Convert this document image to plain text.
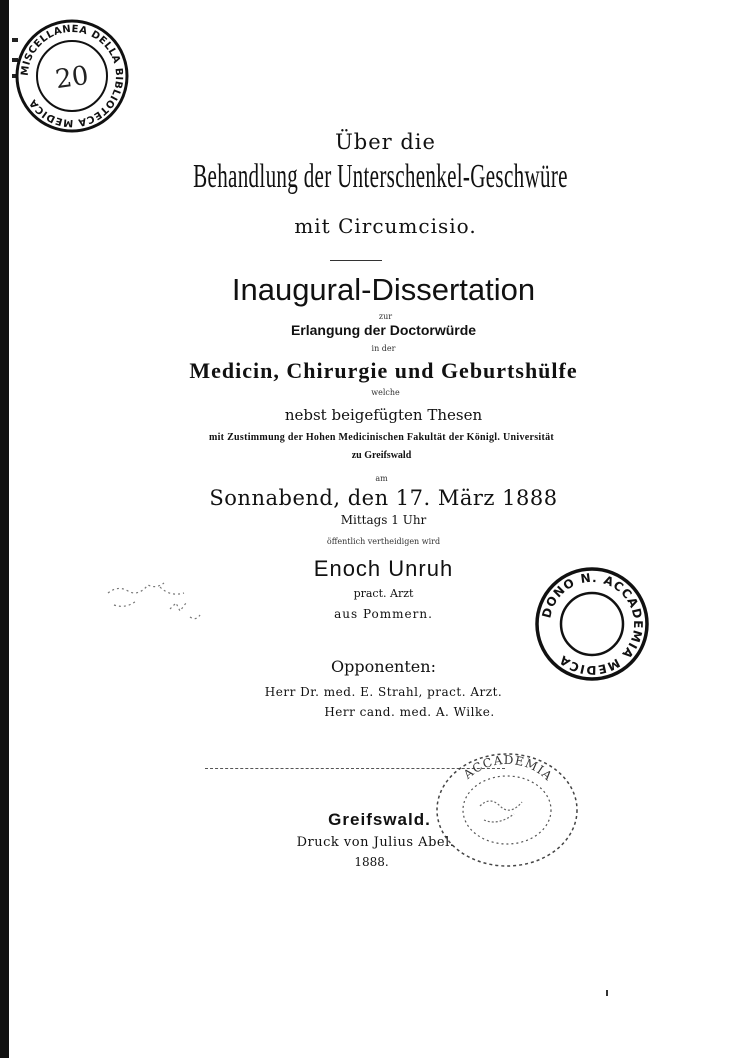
MISCELLANEA DELLA BIBLIOTECA MEDICA
20
Über die
Behandlung der Unterschenkel-Geschwüre
mit Circumcisio.
Inaugural-Dissertation
zur
Erlangung der Doctorwürde
in der
Medicin, Chirurgie und Geburtshülfe
welche
nebst beigefügten Thesen
mit Zustimmung der Hohen Medicinischen Fakultät der Königl. Universität
zu Greifswald
am
Sonnabend, den 17. März 1888
Mittags 1 Uhr
öffentlich vertheidigen wird
Enoch Unruh
pract. Arzt
aus Pommern.	DONO N. ACCADEMIA MEDICA
Opponenten:
Herr Dr. med. E. Strahl, pract. Arzt.
Herr cand. med. A. Wilke.
ACCADEMIA
Greifswald.
Druck von Julius Abel.
1888.
